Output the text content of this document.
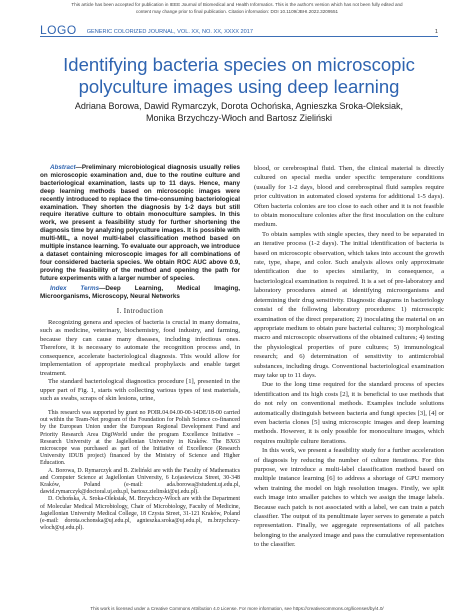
This article has been accepted for publication in IEEE Journal of Biomedical and Health Informatics. This is the author's version which has not been fully edited and
content may change prior to final publication. Citation information: DOI 10.1109/JBHI.2022.3209551
LOGO GENERIC COLORIZED JOURNAL, VOL. XX, NO. XX, XXXX 2017	1
Identifying bacteria species on microscopic polyculture images using deep learning
Adriana Borowa, Dawid Rymarczyk, Dorota Ochońska, Agnieszka Sroka-Oleksiak,
Monika Brzychczy-Włoch and Bartosz Zieliński

Abstract—Preliminary microbiological diagnosis usually relies on microscopic examination and, due to the routine culture and bacteriological examination, lasts up to 11 days. Hence, many deep learning methods based on microscopic images were recently introduced to replace the time-consuming bacteriological examination. They shorten the diagnosis by 1-2 days but still require iterative culture to obtain monoculture samples. In this work, we present a feasibility study for further shortening the diagnosis time by analyzing polyculture images. It is possible with multi-MIL, a novel multi-label classification method based on multiple instance learning. To evaluate our approach, we introduce a dataset containing microscopic images for all combinations of four considered bacteria species. We obtain ROC AUC above 0.9, proving the feasibility of the method and opening the path for future experiments with a larger number of species.

Index Terms—Deep Learning, Medical Imaging, Microorganisms, Microscopy, Neural Networks

I. Introduction

Recognizing genera and species of bacteria is crucial in many domains, such as medicine, veterinary, biochemistry, food industry, and farming, because they can cause many diseases, including infectious ones. Therefore, it is necessary to automate the recognition process and, in consequence, accelerate bacteriological diagnosis. This would allow for implementation of appropriate medical prophylaxis and enable target treatment.

The standard bacteriological diagnostics procedure [1], presented in the upper part of Fig. 1, starts with collecting various types of test materials, such as swabs, scraps of skin lesions, urine,

This research was supported by grant no POIR.04.04.00-00-14DE/18-00 carried out within the Team-Net program of the Foundation for Polish Science co-financed by the European Union under the European Regional Development Fund and Priority Research Area DigiWorld under the program Excellence Initiative – Research University at the Jagiellonian University in Kraków. The BX63 microscope was purchased as part of the Initiative of Excellence (Research University IDUB project) financed by the Ministry of Science and Higher Education.

A. Borowa, D. Rymarczyk and B. Zieliński are with the Faculty of Mathematics and Computer Science at Jagiellonian University, 6 Łojasiewicza Street, 30-348 Kraków, Poland (e-mail: ada.borowa@student.uj.edu.pl, dawid.rymarczyk@doctoral.uj.edu.pl, bartosz.zielinski@uj.edu.pl).

D. Ochońska, A. Sroka-Oleksiak, M. Brzychczy-Włoch are with the Department of Molecular Medical Microbiology, Chair of Microbiology, Faculty of Medicine, Jagiellonian University Medical College, 18 Czysta Street, 31-121 Kraków, Poland (e-mail: dorota.ochonska@uj.edu.pl, agnieszka.sroka@uj.edu.pl, m.brzychczy-wloch@uj.edu.pl).

blood, or cerebrospinal fluid. Then, the clinical material is directly cultured on special media under specific temperature conditions (usually for 1-2 days, blood and cerebrospinal fluid samples require prior cultivation in automated closed systems for additional 1-5 days). Often bacteria colonies are too close to each other and it is not feasible to obtain monoculture colonies after the first inoculation on the culture medium.

To obtain samples with single species, they need to be separated in an iterative process (1-2 days). The initial identification of bacteria is based on microscopic observation, which takes into account the growth rate, type, shape, and color. Such analysis allows only approximate identification due to species similarity, in consequence, a bacteriological examination is required. It is a set of pre-laboratory and laboratory procedures aimed at identifying microorganisms and determining their drug sensitivity. Diagnostic diagrams in bacteriology consist of the following laboratory procedures: 1) microscopic examination of the direct preparation; 2) inoculating the material on an appropriate medium to obtain pure bacterial cultures; 3) morphological macro and microscopic observations of the obtained cultures; 4) testing the physiological properties of pure cultures; 5) immunological research; and 6) determination of sensitivity to antimicrobial substances, including drugs. Conventional bacteriological examination may take up to 11 days.

Due to the long time required for the standard process of species identification and its high costs [2], it is beneficial to use methods that do not rely on conventional methods. Examples include solutions automatically distinguish between bacteria and fungi species [3], [4] or even bacteria clones [5] using microscopic images and deep learning methods. However, it is only possible for monoculture images, which requires multiple culture iterations.

In this work, we present a feasibility study for a further acceleration of diagnosis by reducing the number of culture iterations. For this purpose, we introduce a multi-label classification method based on multiple instance learning [6] to address a shortage of GPU memory when training the model on high resolution images. Firstly, we split each image into smaller patches to which we assign the image labels. Because each patch is not associated with a label, we can train a patch classifier. The output of its penultimate layer serves to generate a patch representation. Finally, we aggregate representations of all patches belonging to the analyzed image and pass the cumulative representation to the classifier.

This work is licensed under a Creative Commons Attribution 4.0 License. For more information, see https://creativecommons.org/licenses/by/4.0/
